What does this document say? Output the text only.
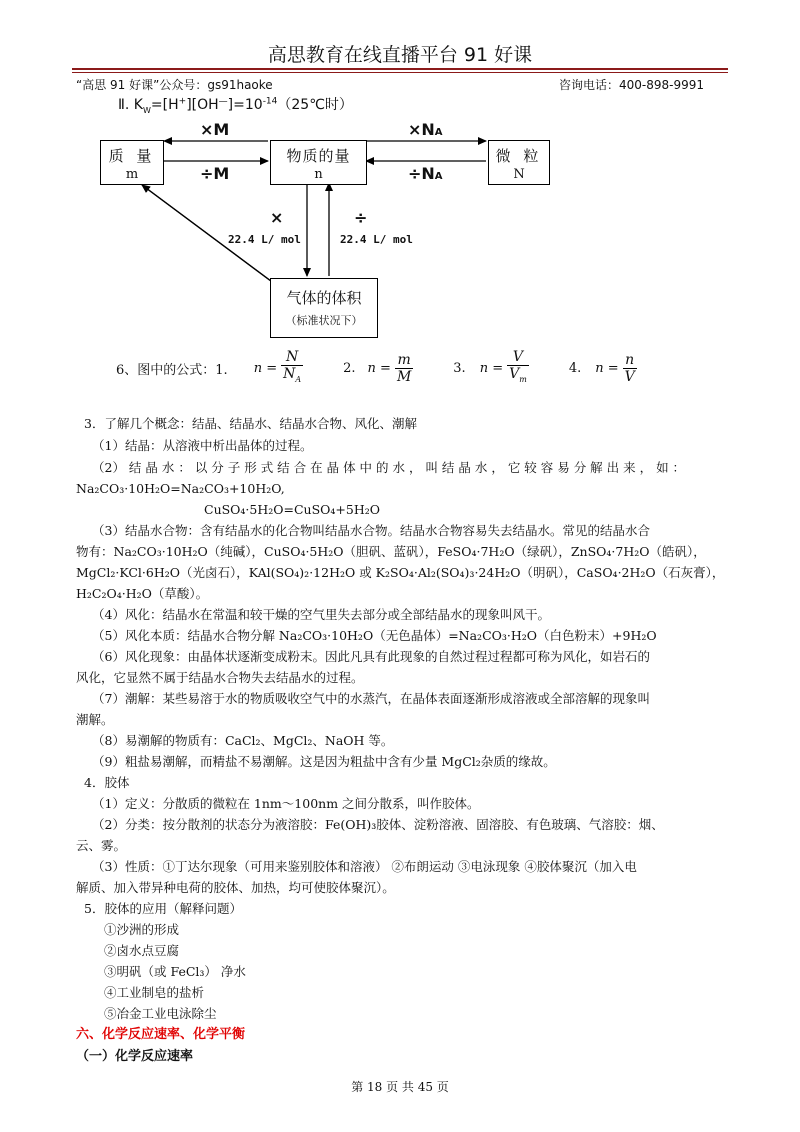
高思教育在线直播平台 91 好课
“高思 91 好课”公众号：gs91haoke	咨询电话：400-898-9991
Ⅱ. $K_W=[H^+][OH^—]=10^{-14}(25℃$时）
质 量
m
物质的量
n
微 粒
N
气体的体积
（标准状况下）
×M
÷M
×NA
÷NA
×	÷
22.4 L/ mol	22.4 L/ mol
6、图中的公式：1. $n = \frac{N}{N_A}$	2. $n = \frac{m}{M}$	3. $n = \frac{V}{V_m}$	4. $n = \frac{n}{V}$
3．了解几个概念：结晶、结晶水、结晶水合物、风化、潮解
（1）结晶：从溶液中析出晶体的过程。
（2） 结 晶 水 ： 以 分 子 形 式 结 合 在 晶 体 中 的 水 ， 叫 结 晶 水 ， 它 较 容 易 分 解 出 来 ， 如 ：
Na₂CO₃·10H₂O=Na₂CO₃+10H₂O,
CuSO₄·5H₂O=CuSO₄+5H₂O
（3）结晶水合物：含有结晶水的化合物叫结晶水合物。结晶水合物容易失去结晶水。常见的结晶水合
物有：Na₂CO₃·10H₂O（纯碱），CuSO₄·5H₂O（胆矾、蓝矾），FeSO₄·7H₂O（绿矾），ZnSO₄·7H₂O（皓矾），
MgCl₂·KCl·6H₂O（光卤石），KAl(SO₄)₂·12H₂O 或 K₂SO₄·Al₂(SO₄)₃·24H₂O（明矾），CaSO₄·2H₂O（石灰膏），
H₂C₂O₄·H₂O（草酸）。
（4）风化：结晶水在常温和较干燥的空气里失去部分或全部结晶水的现象叫风干。
（5）风化本质：结晶水合物分解 Na₂CO₃·10H₂O（无色晶体）=Na₂CO₃·H₂O（白色粉末）+9H₂O
（6）风化现象：由晶体状逐渐变成粉末。因此凡具有此现象的自然过程过程都可称为风化，如岩石的
风化，它显然不属于结晶水合物失去结晶水的过程。
（7）潮解：某些易溶于水的物质吸收空气中的水蒸汽，在晶体表面逐渐形成溶液或全部溶解的现象叫
潮解。
（8）易潮解的物质有：CaCl₂、MgCl₂、NaOH 等。
（9）粗盐易潮解，而精盐不易潮解。这是因为粗盐中含有少量 MgCl₂杂质的缘故。
4．胶体
（1）定义：分散质的微粒在 1nm～100nm 之间分散系，叫作胶体。
（2）分类：按分散剂的状态分为液溶胶：Fe(OH)₃胶体、淀粉溶液、固溶胶、有色玻璃、气溶胶：烟、
云、雾。
（3）性质：①丁达尔现象（可用来鉴别胶体和溶液） ②布朗运动 ③电泳现象 ④胶体聚沉（加入电
解质、加入带异种电荷的胶体、加热，均可使胶体聚沉）。
5．胶体的应用（解释问题）
①沙洲的形成
②卤水点豆腐
③明矾（或 FeCl₃） 净水
④工业制皂的盐析
⑤冶金工业电泳除尘
六、化学反应速率、化学平衡
（一）化学反应速率
第 18 页 共 45 页
